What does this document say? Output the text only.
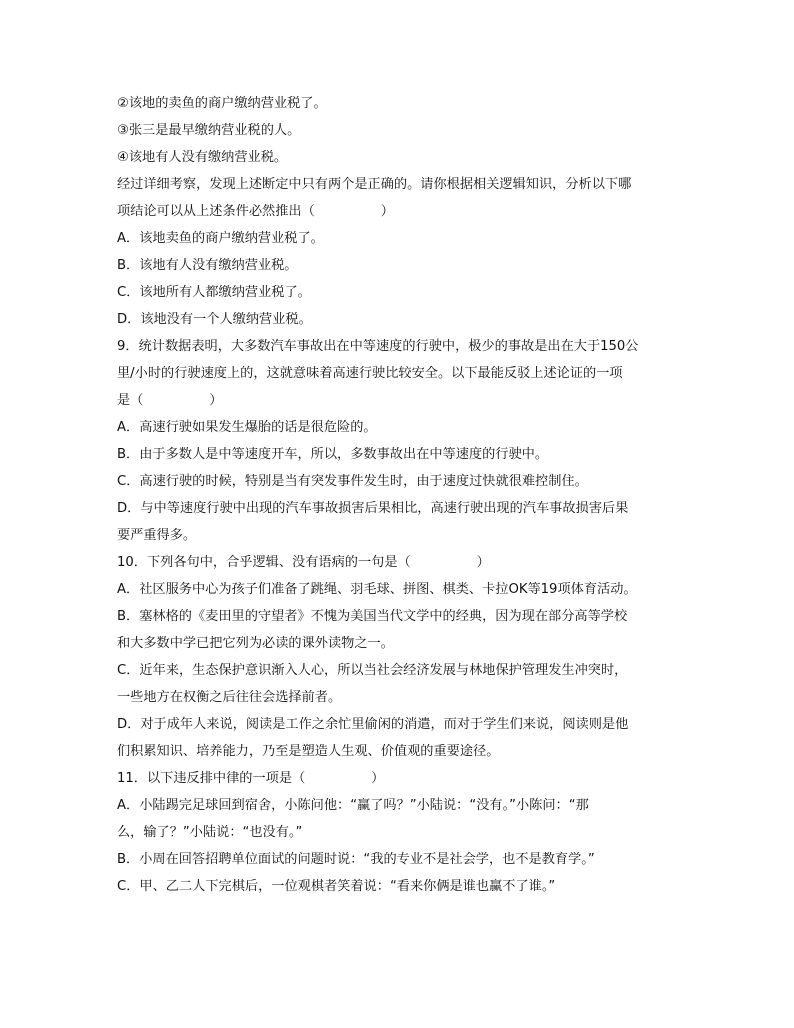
②该地的卖鱼的商户缴纳营业税了。
③张三是最早缴纳营业税的人。
④该地有人没有缴纳营业税。
经过详细考察，发现上述断定中只有两个是正确的。请你根据相关逻辑知识，分析以下哪
项结论可以从上述条件必然推出（　　　　　）
A．该地卖鱼的商户缴纳营业税了。
B．该地有人没有缴纳营业税。
C．该地所有人都缴纳营业税了。
D．该地没有一个人缴纳营业税。
9．统计数据表明，大多数汽车事故出在中等速度的行驶中，极少的事故是出在大于150公
里/小时的行驶速度上的，这就意味着高速行驶比较安全。以下最能反驳上述论证的一项
是（　　　　　）
A．高速行驶如果发生爆胎的话是很危险的。
B．由于多数人是中等速度开车，所以，多数事故出在中等速度的行驶中。
C．高速行驶的时候，特别是当有突发事件发生时，由于速度过快就很难控制住。
D．与中等速度行驶中出现的汽车事故损害后果相比，高速行驶出现的汽车事故损害后果
要严重得多。
10．下列各句中，合乎逻辑、没有语病的一句是（　　　　　）
A．社区服务中心为孩子们准备了跳绳、羽毛球、拼图、棋类、卡拉OK等19项体育活动。
B．塞林格的《麦田里的守望者》不愧为美国当代文学中的经典，因为现在部分高等学校
和大多数中学已把它列为必读的课外读物之一。
C．近年来，生态保护意识渐入人心，所以当社会经济发展与林地保护管理发生冲突时，
一些地方在权衡之后往往会选择前者。
D．对于成年人来说，阅读是工作之余忙里偷闲的消遣，而对于学生们来说，阅读则是他
们积累知识、培养能力，乃至是塑造人生观、价值观的重要途径。
11．以下违反排中律的一项是（　　　　　）
A．小陆踢完足球回到宿舍，小陈问他：“赢了吗？”小陆说：“没有。”小陈问：“那
么，输了？”小陆说：“也没有。”
B．小周在回答招聘单位面试的问题时说：“我的专业不是社会学，也不是教育学。”
C．甲、乙二人下完棋后，一位观棋者笑着说：“看来你俩是谁也赢不了谁。”
